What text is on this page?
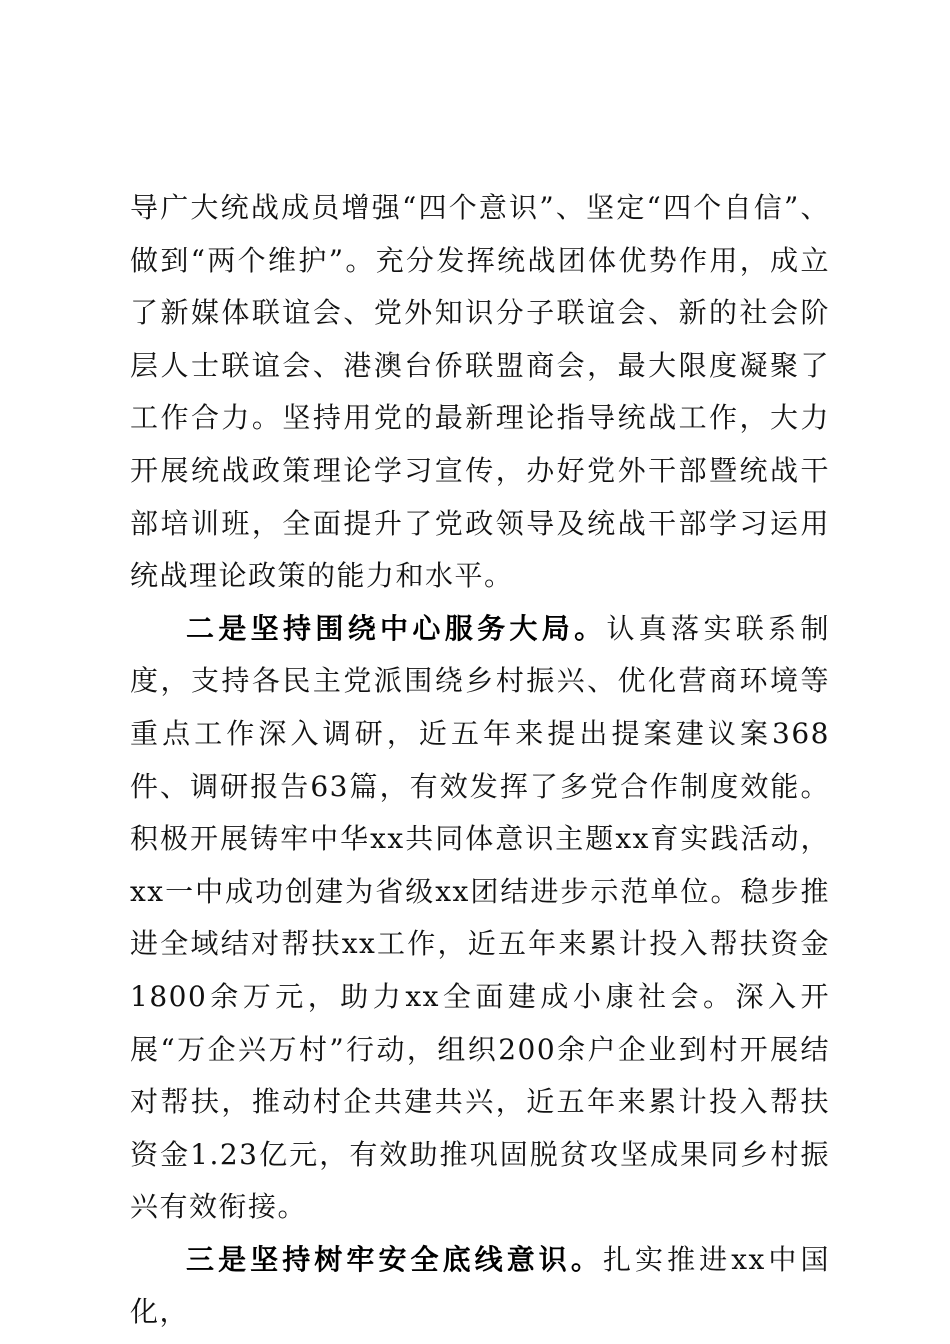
导广大统战成员增强“四个意识”、坚定“四个自信”、做到“两个维护”。充分发挥统战团体优势作用，成立了新媒体联谊会、党外知识分子联谊会、新的社会阶层人士联谊会、港澳台侨联盟商会，最大限度凝聚了工作合力。坚持用党的最新理论指导统战工作，大力开展统战政策理论学习宣传，办好党外干部暨统战干部培训班，全面提升了党政领导及统战干部学习运用统战理论政策的能力和水平。

二是坚持围绕中心服务大局。认真落实联系制度，支持各民主党派围绕乡村振兴、优化营商环境等重点工作深入调研，近五年来提出提案建议案368件、调研报告63篇，有效发挥了多党合作制度效能。积极开展铸牢中华xx共同体意识主题xx育实践活动，xx一中成功创建为省级xx团结进步示范单位。稳步推进全域结对帮扶xx工作，近五年来累计投入帮扶资金1800余万元，助力xx全面建成小康社会。深入开展“万企兴万村”行动，组织200余户企业到村开展结对帮扶，推动村企共建共兴，近五年来累计投入帮扶资金1.23亿元，有效助推巩固脱贫攻坚成果同乡村振兴有效衔接。

三是坚持树牢安全底线意识。扎实推进xx中国化，
